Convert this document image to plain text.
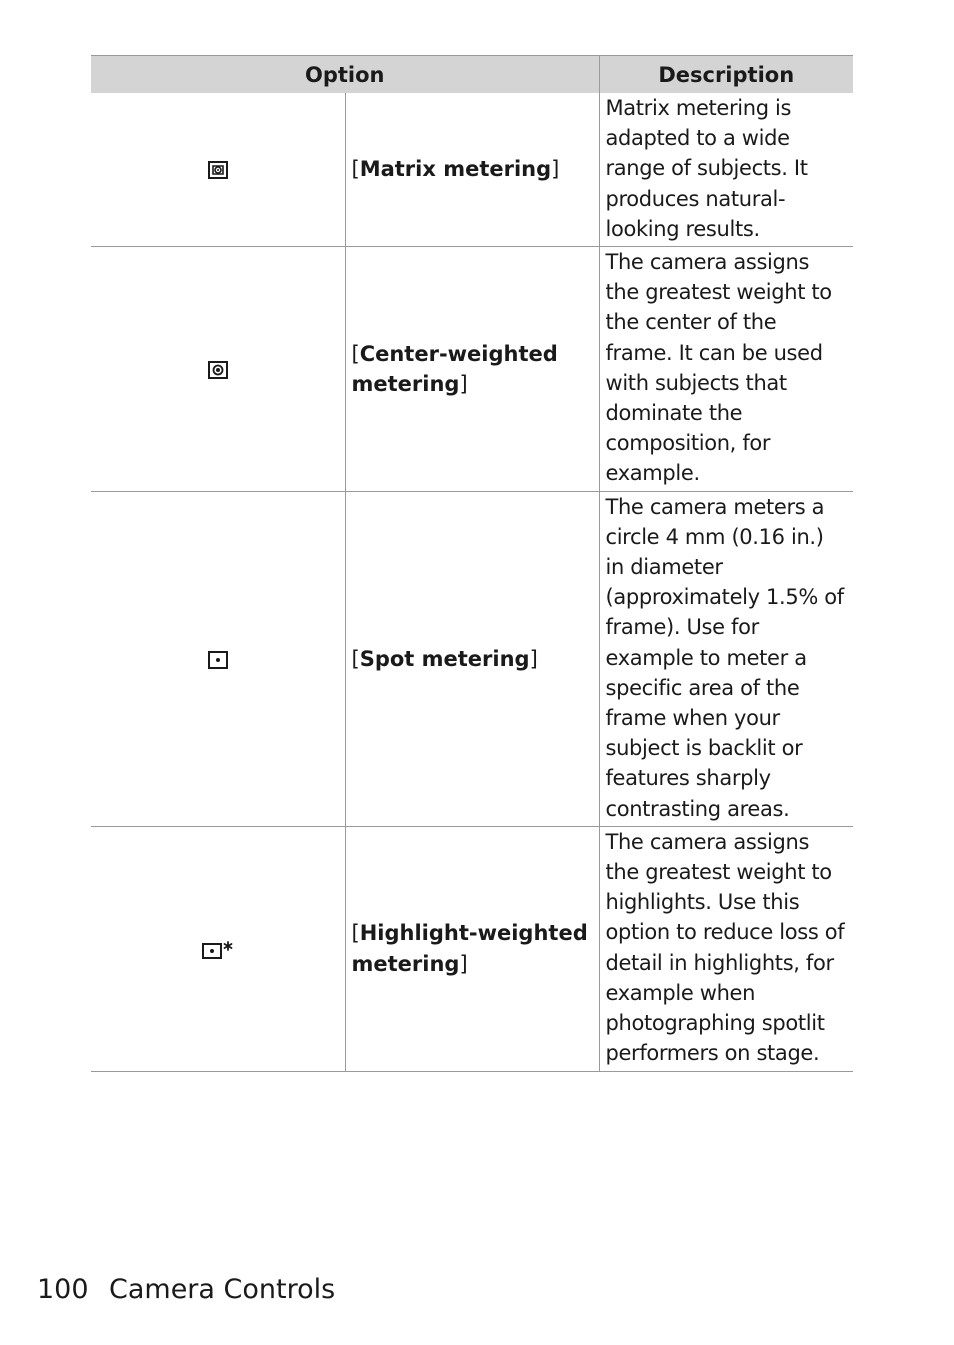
Option		Description
	[Matrix metering]	Matrix metering is adapted to a wide range of subjects. It produces natural-looking results.
	[Center-weighted metering]	The camera assigns the greatest weight to the center of the frame. It can be used with subjects that dominate the composition, for example.
	[Spot metering]	The camera meters a circle 4 mm (0.16 in.) in diameter (approximately 1.5% of frame). Use for example to meter a specific area of the frame when your subject is backlit or features sharply contrasting areas.
	[Highlight-weighted metering]	The camera assigns the greatest weight to highlights. Use this option to reduce loss of detail in highlights, for example when photographing spotlit performers on stage.
100 Camera Controls
